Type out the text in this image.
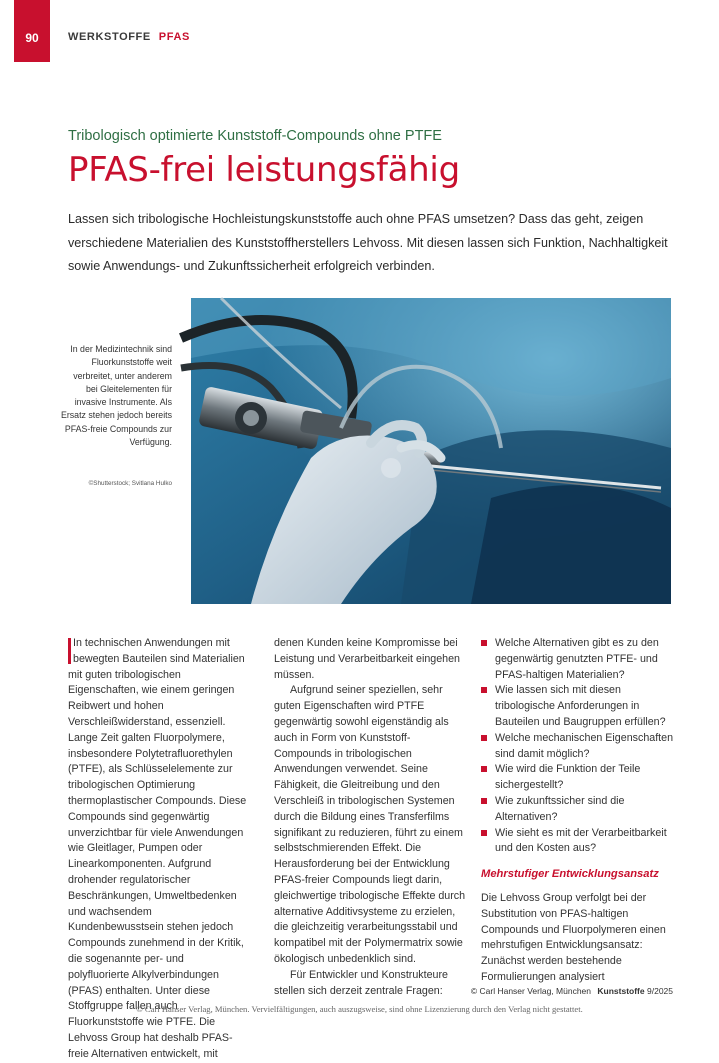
90	WERKSTOFFE PFAS
Tribologisch optimierte Kunststoff-Compounds ohne PTFE
PFAS-frei leistungsfähig

Lassen sich tribologische Hochleistungskunststoffe auch ohne PFAS umsetzen? Dass das geht, zeigen verschiedene Materialien des Kunststoffherstellers Lehvoss. Mit diesen lassen sich Funktion, Nachhaltigkeit sowie Anwendungs- und Zukunftssicherheit erfolgreich verbinden.

In der Medizintechnik sind Fluorkunststoffe weit verbreitet, unter anderem bei Gleitelementen für invasive Instrumente. Als Ersatz stehen jedoch bereits PFAS-freie Compounds zur Verfügung.
©Shutterstock; Svitlana Hulko

In technischen Anwendungen mit bewegten Bauteilen sind Materialien mit guten tribologischen Eigenschaften, wie einem geringen Reibwert und hohen Verschleißwiderstand, essenziell. Lange Zeit galten Fluorpolymere, insbesondere Polytetrafluorethylen (PTFE), als Schlüsselelemente zur tribologischen Optimierung thermoplastischer Compounds. Diese Compounds sind gegenwärtig unverzichtbar für viele Anwendungen wie Gleitlager, Pumpen oder Linearkomponenten. Aufgrund drohender regulatorischer Beschränkungen, Umweltbedenken und wachsendem Kundenbewusstsein stehen jedoch Compounds zunehmend in der Kritik, die sogenannte per- und polyfluorierte Alkylverbindungen (PFAS) enthalten. Unter diese Stoffgruppe fallen auch Fluorkunststoffe wie PTFE. Die Lehvoss Group hat deshalb PFAS-freie Alternativen entwickelt, mit

denen Kunden keine Kompromisse bei Leistung und Verarbeitbarkeit eingehen müssen.

Aufgrund seiner speziellen, sehr guten Eigenschaften wird PTFE gegenwärtig sowohl eigenständig als auch in Form von Kunststoff-Compounds in tribologischen Anwendungen verwendet. Seine Fähigkeit, die Gleitreibung und den Verschleiß in tribologischen Systemen durch die Bildung eines Transferfilms signifikant zu reduzieren, führt zu einem selbstschmierenden Effekt. Die Herausforderung bei der Entwicklung PFAS-freier Compounds liegt darin, gleichwertige tribologische Effekte durch alternative Additivsysteme zu erzielen, die gleichzeitig verarbeitungsstabil und kompatibel mit der Polymermatrix sowie ökologisch unbedenklich sind.

Für Entwickler und Konstrukteure stellen sich derzeit zentrale Fragen:

Welche Alternativen gibt es zu den gegenwärtig genutzten PTFE- und PFAS-haltigen Materialien?
Wie lassen sich mit diesen tribologische Anforderungen in Bauteilen und Baugruppen erfüllen?
Welche mechanischen Eigenschaften sind damit möglich?
Wie wird die Funktion der Teile sichergestellt?
Wie zukunftssicher sind die Alternativen?
Wie sieht es mit der Verarbeitbarkeit und den Kosten aus?
Mehrstufiger Entwicklungsansatz

Die Lehvoss Group verfolgt bei der Substitution von PFAS-haltigen Compounds und Fluorpolymeren einen mehrstufigen Entwicklungsansatz: Zunächst werden bestehende Formulierungen analysiert

© Carl Hanser Verlag, München Kunststoffe 9/2025
© Carl Hanser Verlag, München. Vervielfältigungen, auch auszugsweise, sind ohne Lizenzierung durch den Verlag nicht gestattet.
